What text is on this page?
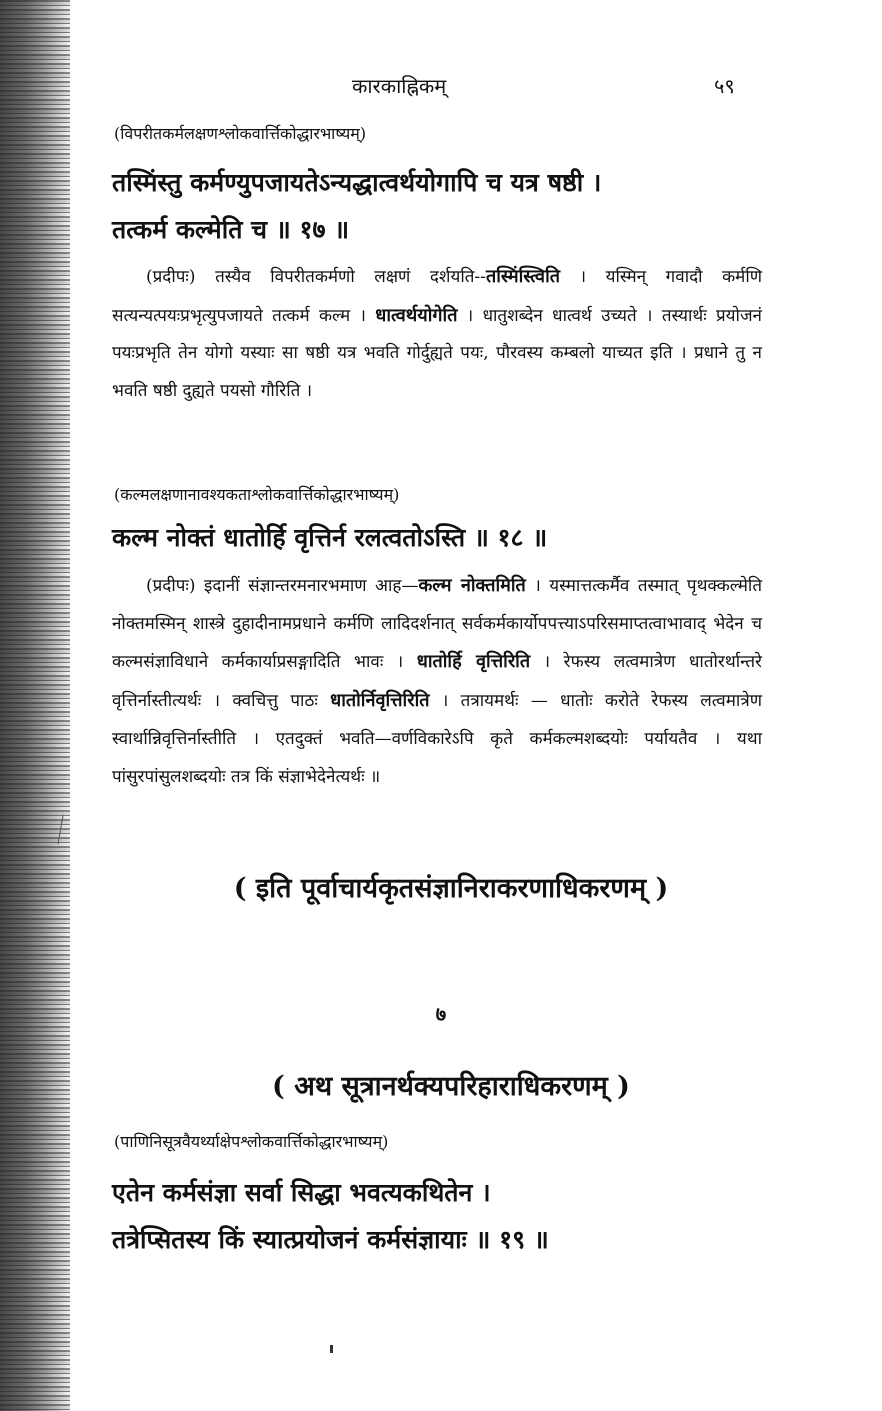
कारकाह्निकम्	५९
(विपरीतकर्मलक्षणश्लोकवार्त्तिकोद्धारभाष्यम्)
तस्मिंस्तु कर्मण्युपजायतेऽन्यद्धात्वर्थयोगापि च यत्र षष्ठी ।
तत्कर्म कल्मेति च ॥ १७ ॥
(प्रदीपः) तस्यैव विपरीतकर्मणो लक्षणं दर्शयति--तस्मिंस्त्विति । यस्मिन् गवादौ कर्मणि सत्यन्यत्पयःप्रभृत्युपजायते तत्कर्म कल्म । धात्वर्थयोगेति । धातुशब्देन धात्वर्थ उच्यते । तस्यार्थः प्रयोजनं पयःप्रभृति तेन योगो यस्याः सा षष्ठी यत्र भवति गोर्दुह्यते पयः, पौरवस्य कम्बलो याच्यत इति । प्रधाने तु न भवति षष्ठी दुह्यते पयसो गौरिति ।
(कल्मलक्षणानावश्यकताश्लोकवार्त्तिकोद्धारभाष्यम्)
कल्म नोक्तं धातोर्हि वृत्तिर्न रलत्वतोऽस्ति ॥ १८ ॥
(प्रदीपः) इदानीं संज्ञान्तरमनारभमाण आह—कल्म नोक्तमिति । यस्मात्तत्कर्मैव तस्मात् पृथक्कल्मेति नोक्तमस्मिन् शास्त्रे दुहादीनामप्रधाने कर्मणि लादिदर्शनात् सर्वकर्मकार्योपपत्त्याऽपरिसमाप्तत्वाभावाद् भेदेन च कल्मसंज्ञाविधाने कर्मकार्याप्रसङ्गादिति भावः । धातोर्हि वृत्तिरिति । रेफस्य लत्वमात्रेण धातोरर्थान्तरे वृत्तिर्नास्तीत्यर्थः । क्वचित्तु पाठः धातोर्निवृत्तिरिति । तत्रायमर्थः — धातोः करोते रेफस्य लत्वमात्रेण स्वार्थान्निवृत्तिर्नास्तीति । एतदुक्तं भवति—वर्णविकारेऽपि कृते कर्मकल्मशब्दयोः पर्यायतैव । यथा पांसुरपांसुलशब्दयोः तत्र किं संज्ञाभेदेनेत्यर्थः ॥
( इति पूर्वाचार्यकृतसंज्ञानिराकरणाधिकरणम् )
७
( अथ सूत्रानर्थक्यपरिहाराधिकरणम् )
(पाणिनिसूत्रवैयर्थ्याक्षेपश्लोकवार्त्तिकोद्धारभाष्यम्)
एतेन कर्मसंज्ञा सर्वा सिद्धा भवत्यकथितेन ।
तत्रेप्सितस्य किं स्यात्प्रयोजनं कर्मसंज्ञायाः ॥ १९ ॥
